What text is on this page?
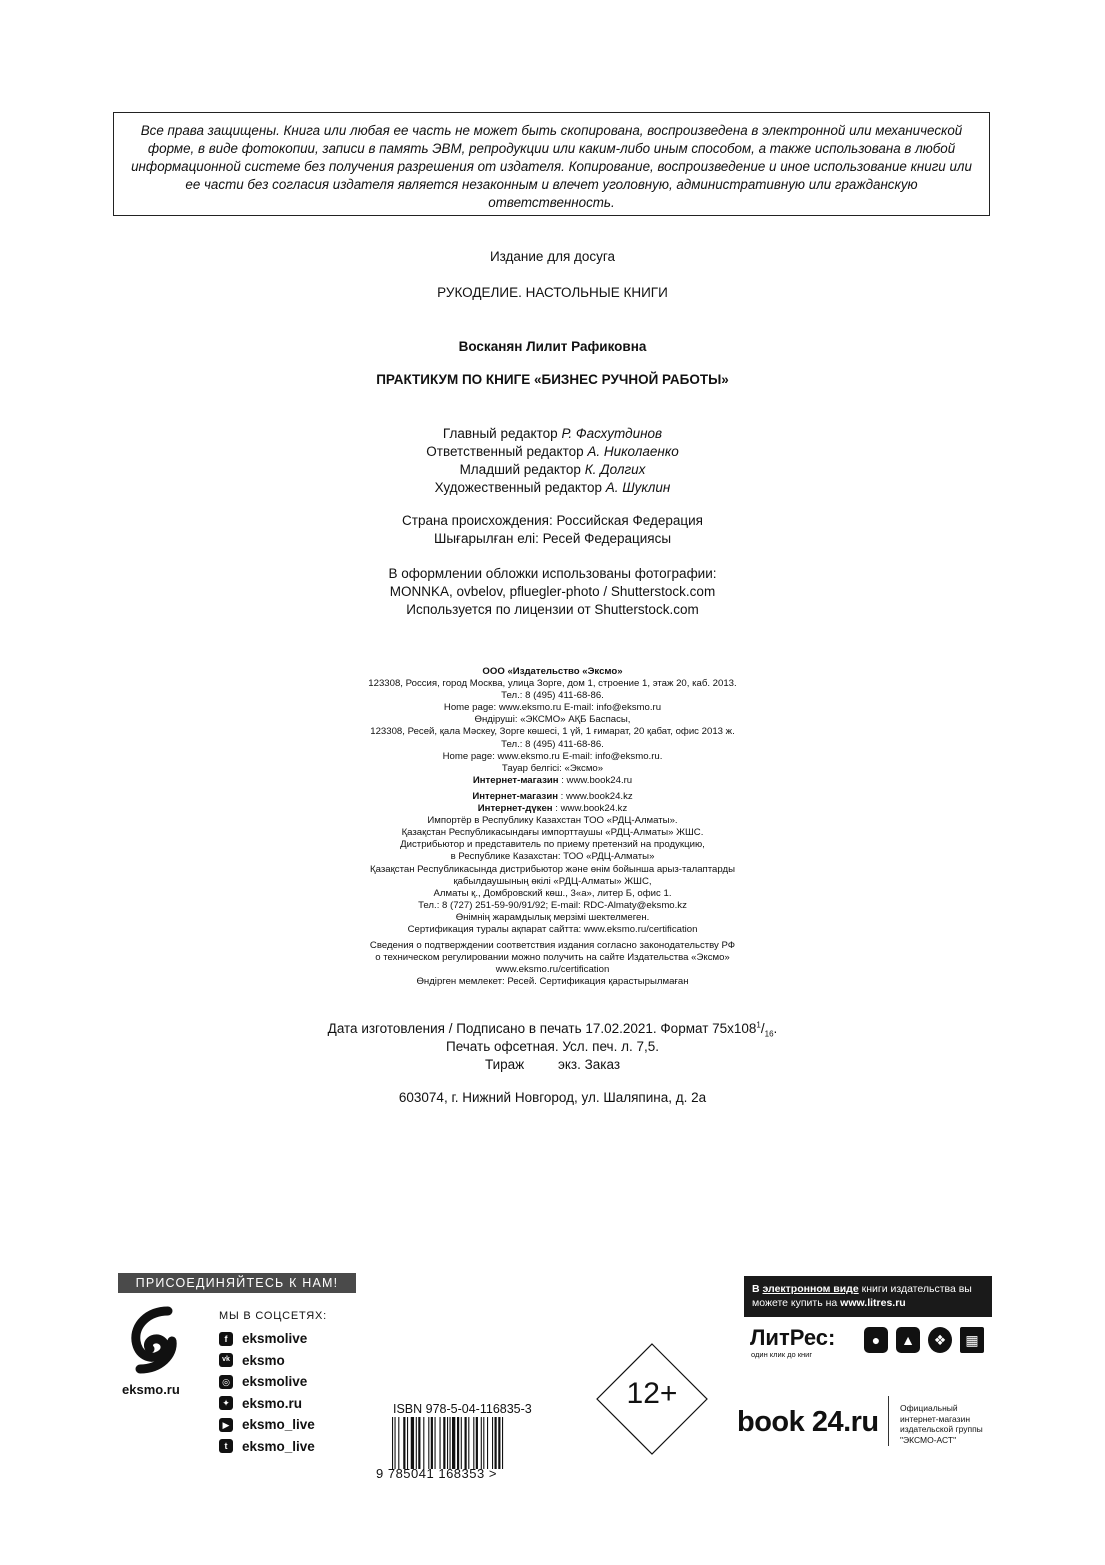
Все права защищены. Книга или любая ее часть не может быть скопирована, воспроизведена в электронной или механической форме, в виде фотокопии, записи в память ЭВМ, репродукции или каким-либо иным способом, а также использована в любой информационной системе без получения разрешения от издателя. Копирование, воспроизведение и иное использование книги или ее части без согласия издателя является незаконным и влечет уголовную, административную или гражданскую ответственность.
Издание для досуга
РУКОДЕЛИЕ. НАСТОЛЬНЫЕ КНИГИ
Восканян Лилит Рафиковна
ПРАКТИКУМ ПО КНИГЕ «БИЗНЕС РУЧНОЙ РАБОТЫ»
Главный редактор Р. Фасхутдинов
Ответственный редактор А. Николаенко
Младший редактор К. Долгих
Художественный редактор А. Шуклин
Страна происхождения: Российская Федерация
Шығарылған елі: Ресей Федерациясы
В оформлении обложки использованы фотографии:
MONNKA, ovbelov, pfluegler-photo / Shutterstock.com
Используется по лицензии от Shutterstock.com
ООО «Издательство «Эксмо»
123308, Россия, город Москва, улица Зорге, дом 1, строение 1, этаж 20, каб. 2013.
Тел.: 8 (495) 411-68-86.
Home page: www.eksmo.ru E-mail: info@eksmo.ru
Өндіруші: «ЭКСМО» АҚБ Баспасы,
123308, Ресей, қала Мәскеу, Зорге көшесі, 1 үй, 1 ғимарат, 20 қабат, офис 2013 ж.
Тел.: 8 (495) 411-68-86.
Home page: www.eksmo.ru E-mail: info@eksmo.ru.
Тауар белгісі: «Эксмо»
Интернет-магазин : www.book24.ru
Интернет-магазин : www.book24.kz
Интернет-дүкен : www.book24.kz
Импортёр в Республику Казахстан ТОО «РДЦ-Алматы».
Қазақстан Республикасындағы импорттаушы «РДЦ-Алматы» ЖШС.
Дистрибьютор и представитель по приему претензий на продукцию,
в Республике Казахстан: ТОО «РДЦ-Алматы»
Қазақстан Республикасында дистрибьютор және өнім бойынша арыз-талаптарды
қабылдаушының өкілі «РДЦ-Алматы» ЖШС,
Алматы қ., Домбровский көш., 3«а», литер Б, офис 1.
Тел.: 8 (727) 251-59-90/91/92; E-mail: RDC-Almaty@eksmo.kz
Өнімнің жарамдылық мерзімі шектелмеген.
Сертификация туралы ақпарат сайтта: www.eksmo.ru/certification
Сведения о подтверждении соответствия издания согласно законодательству РФ
о техническом регулировании можно получить на сайте Издательства «Эксмо»
www.eksmo.ru/certification
Өндірген мемлекет: Ресей. Сертификация қарастырылмаған
Дата изготовления / Подписано в печать 17.02.2021. Формат $75x108^1/_{16}$.
Печать офсетная. Усл. печ. л. 7,5.
Тираж         экз. Заказ
603074, г. Нижний Новгород, ул. Шаляпина, д. 2а
ПРИСОЕДИНЯЙТЕСЬ К НАМ!
eksmo.ru
МЫ В СОЦСЕТЯХ:
f	eksmolive
vk eksmo
◎ eksmolive
✦ eksmo.ru
▶ eksmo_live
t	eksmo_live
ISBN 978-5-04-116835-3
9 785041 168353 >
12+
В электронном виде книги издательства вы можете купить на www.litres.ru
ЛитРес:
один клик до книг
●	▲	❖	▦
book 24.ru	Официальный
интернет-магазин
издательской группы
"ЭКСМО-АСТ"
